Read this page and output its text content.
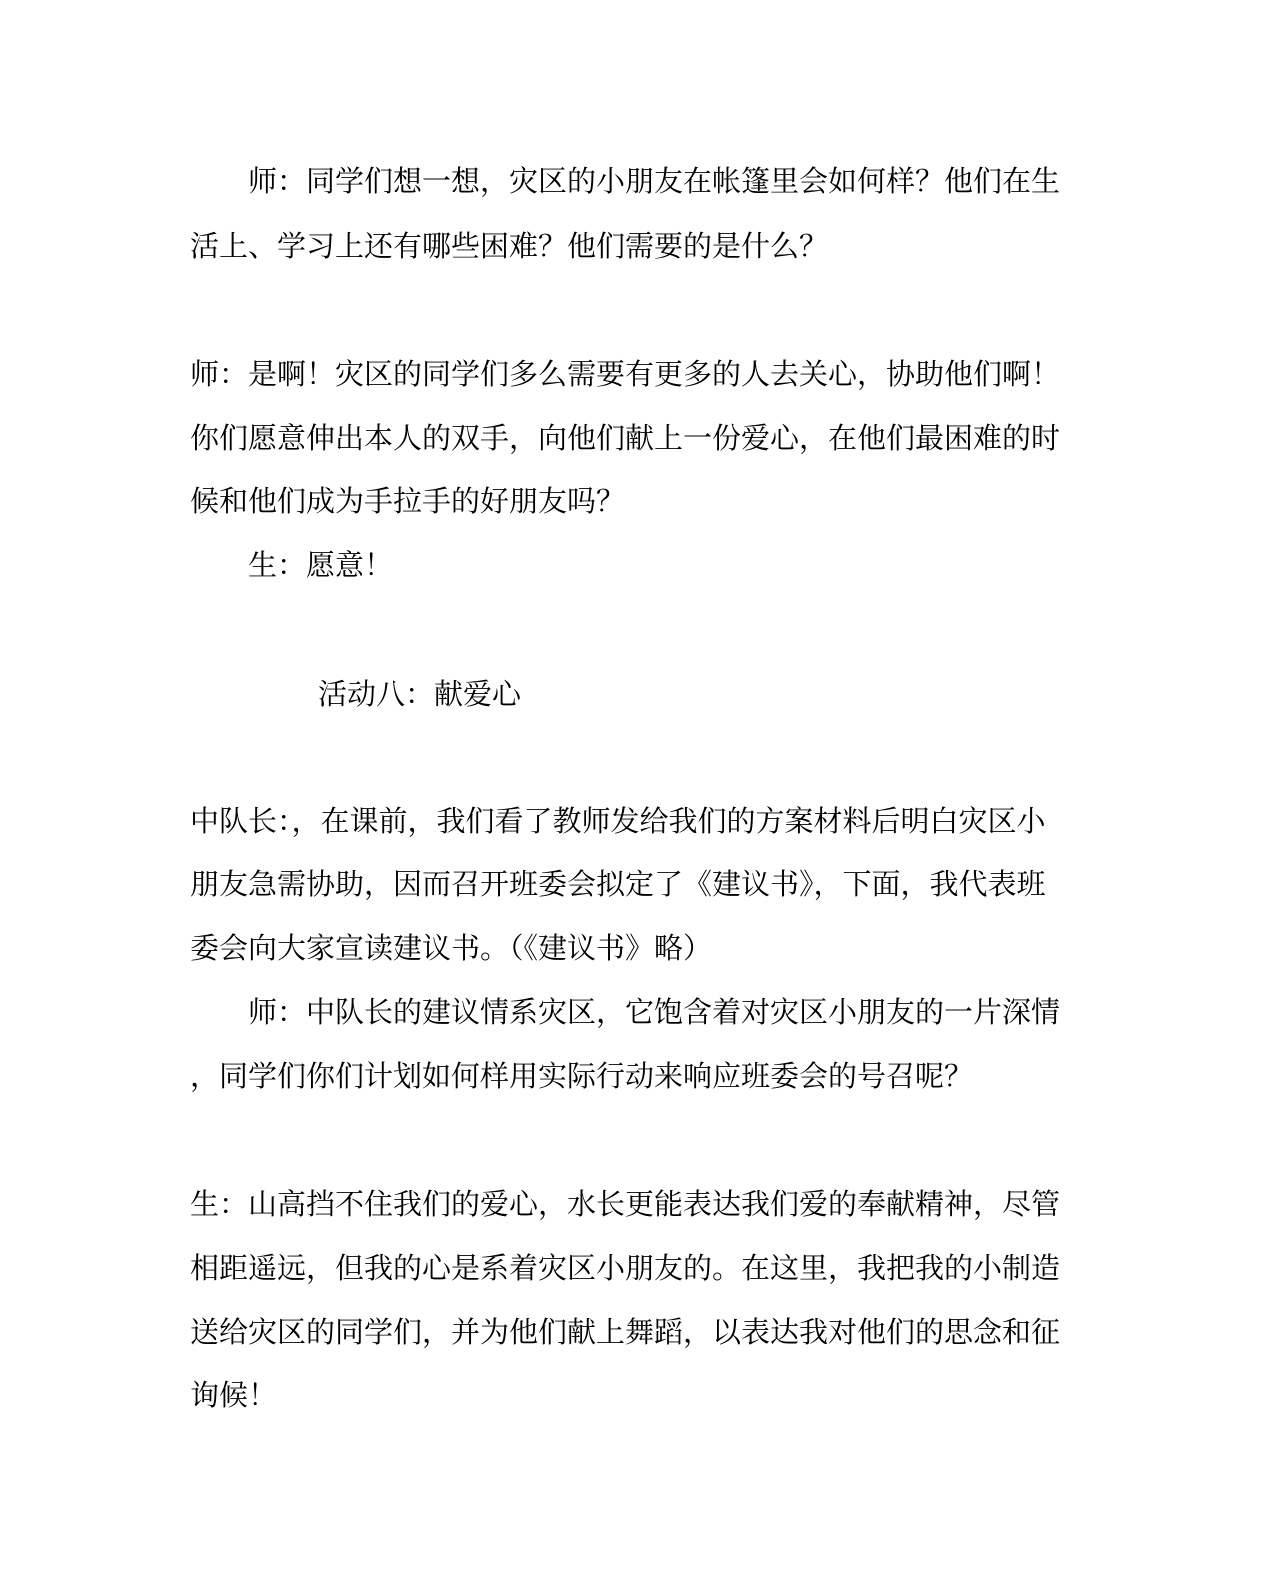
师：同学们想一想，灾区的小朋友在帐篷里会如何样？他们在生
活上、学习上还有哪些困难？他们需要的是什么？
师：是啊！灾区的同学们多么需要有更多的人去关心，协助他们啊！
你们愿意伸出本人的双手，向他们献上一份爱心，在他们最困难的时
候和他们成为手拉手的好朋友吗？
生：愿意！
活动八：献爱心
中队长：，在课前，我们看了教师发给我们的方案材料后明白灾区小
朋友急需协助，因而召开班委会拟定了《建议书》，下面，我代表班
委会向大家宣读建议书。（《建议书》略）
师：中队长的建议情系灾区，它饱含着对灾区小朋友的一片深情
，同学们你们计划如何样用实际行动来响应班委会的号召呢？
生：山高挡不住我们的爱心，水长更能表达我们爱的奉献精神，尽管
相距遥远，但我的心是系着灾区小朋友的。在这里，我把我的小制造
送给灾区的同学们，并为他们献上舞蹈，以表达我对他们的思念和征
询候！
